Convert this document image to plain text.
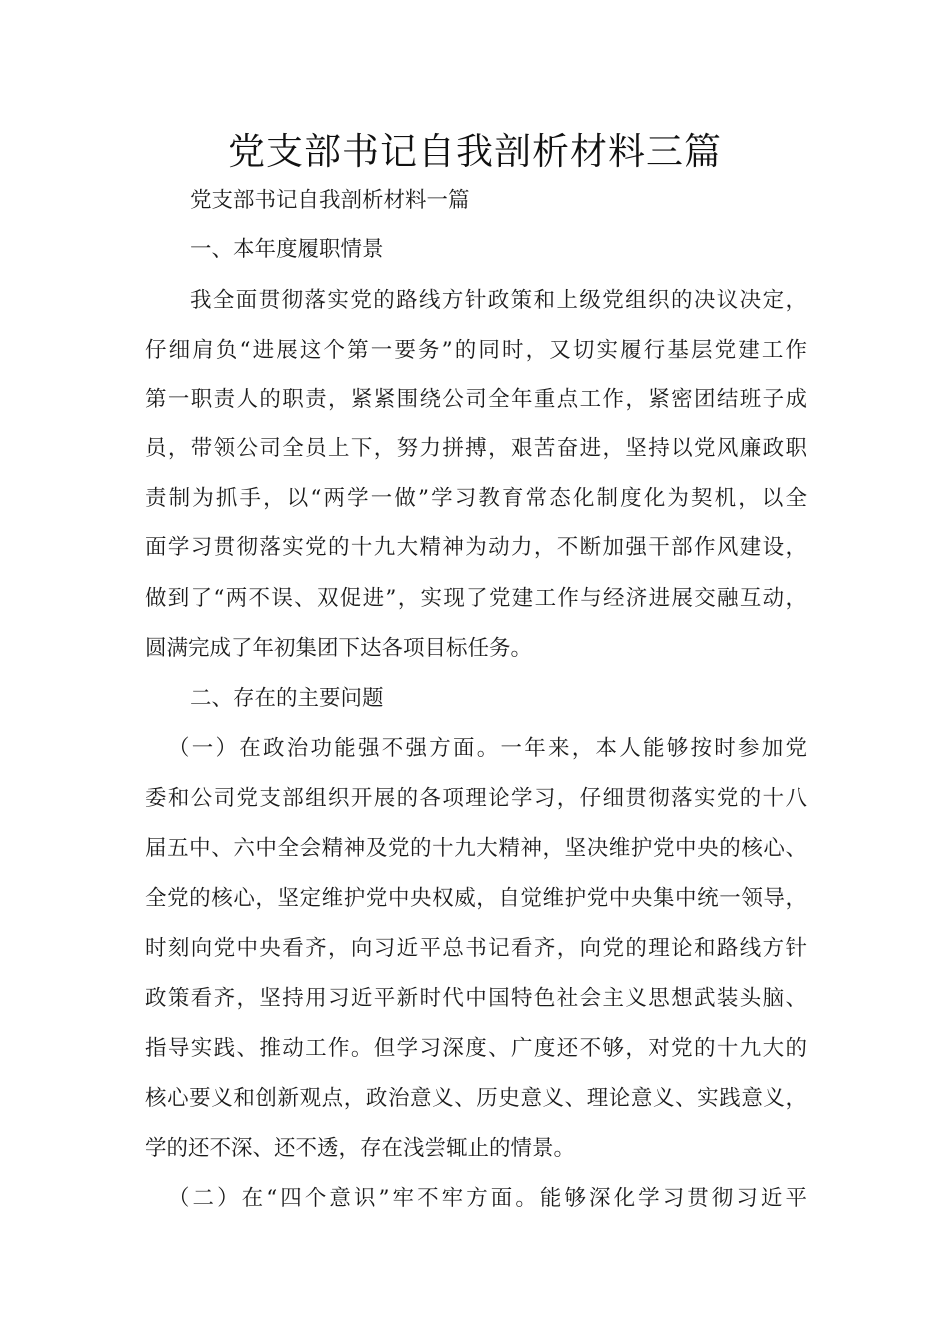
党支部书记自我剖析材料三篇

党支部书记自我剖析材料一篇

一、本年度履职情景

我全面贯彻落实党的路线方针政策和上级党组织的决议决定，

仔细肩负“进展这个第一要务”的同时，又切实履行基层党建工作

第一职责人的职责，紧紧围绕公司全年重点工作，紧密团结班子成

员，带领公司全员上下，努力拼搏，艰苦奋进，坚持以党风廉政职

责制为抓手，以“两学一做”学习教育常态化制度化为契机，以全

面学习贯彻落实党的十九大精神为动力，不断加强干部作风建设，

做到了“两不误、双促进”，实现了党建工作与经济进展交融互动，

圆满完成了年初集团下达各项目标任务。

二、存在的主要问题

（一）在政治功能强不强方面。一年来，本人能够按时参加党

委和公司党支部组织开展的各项理论学习，仔细贯彻落实党的十八

届五中、六中全会精神及党的十九大精神，坚决维护党中央的核心、

全党的核心，坚定维护党中央权威，自觉维护党中央集中统一领导，

时刻向党中央看齐，向习近平总书记看齐，向党的理论和路线方针

政策看齐，坚持用习近平新时代中国特色社会主义思想武装头脑、

指导实践、推动工作。但学习深度、广度还不够，对党的十九大的

核心要义和创新观点，政治意义、历史意义、理论意义、实践意义，

学的还不深、还不透，存在浅尝辄止的情景。

（二）在“四个意识”牢不牢方面。能够深化学习贯彻习近平
